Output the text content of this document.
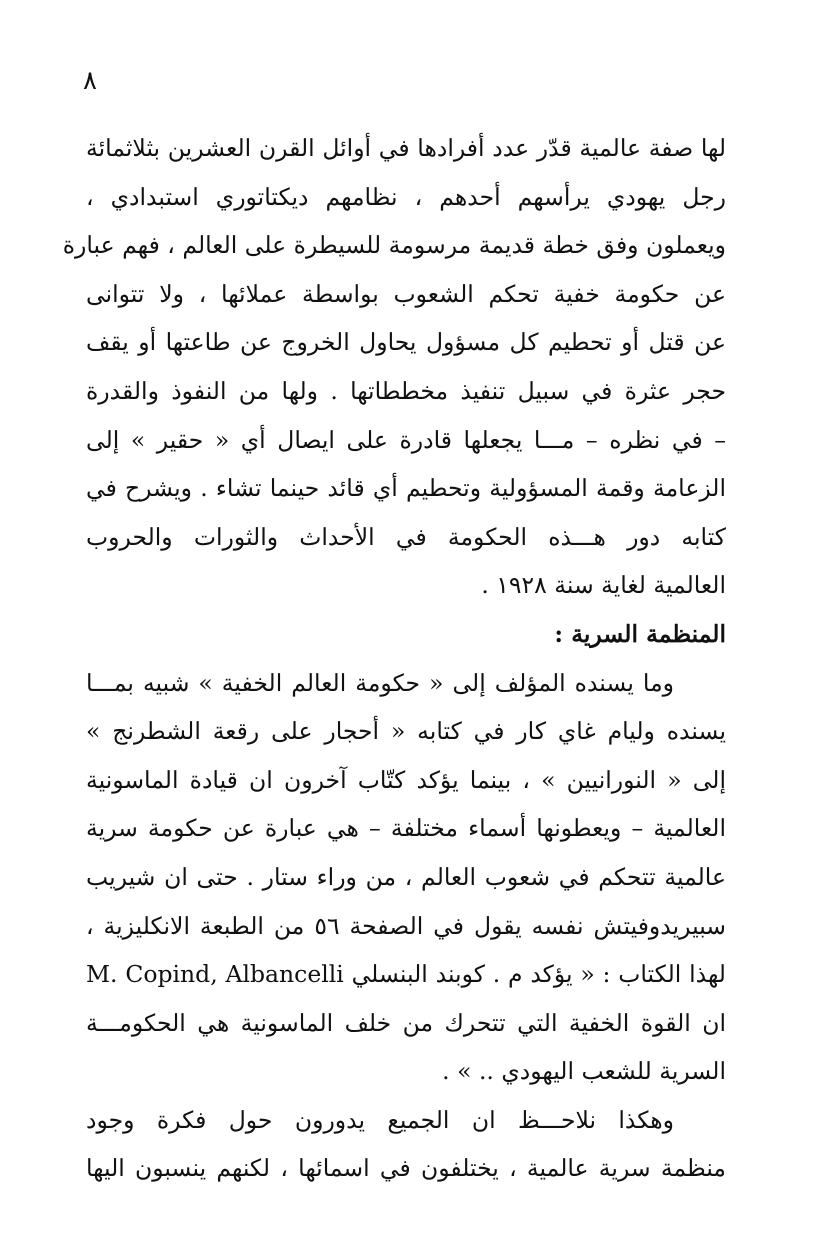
٨
لها صفة عالمية قدّر عدد أفرادها في أوائل القرن العشرين بثلاثمائة
رجل يهودي يرأسهم أحدهم ، نظامهم ديكتاتوري استبدادي ،
ويعملون وفق خطة قديمة مرسومة للسيطرة على العالم ، فهم عبارة
عن حكومة خفية تحكم الشعوب بواسطة عملائها ، ولا تتوانى
عن قتل أو تحطيم كل مسؤول يحاول الخروج عن طاعتها أو يقف
حجر عثرة في سبيل تنفيذ مخططاتها . ولها من النفوذ والقدرة
– في نظره – مـــا يجعلها قادرة على ايصال أي « حقير » إلى
الزعامة وقمة المسؤولية وتحطيم أي قائد حينما تشاء . ويشرح في
كتابه دور هـــذه الحكومة في الأحداث والثورات والحروب
العالمية لغاية سنة ١٩٢٨ .
المنظمة السرية :
وما يسنده المؤلف إلى « حكومة العالم الخفية » شبيه بمـــا
يسنده وليام غاي كار في كتابه « أحجار على رقعة الشطرنج »
إلى « النورانيين » ، بينما يؤكد كتّاب آخرون ان قيادة الماسونية
العالمية – ويعطونها أسماء مختلفة – هي عبارة عن حكومة سرية
عالمية تتحكم في شعوب العالم ، من وراء ستار . حتى ان شيريب
سبيريدوفيتش نفسه يقول في الصفحة ٥٦ من الطبعة الانكليزية ،
لهذا الكتاب : « يؤكد م . كوبند البنسلي M. Copind, Albancelli
ان القوة الخفية التي تتحرك من خلف الماسونية هي الحكومـــة
السرية للشعب اليهودي .. » .
وهكذا نلاحـــظ ان الجميع يدورون حول فكرة وجود
منظمة سرية عالمية ، يختلفون في اسمائها ، لكنهم ينسبون اليها
